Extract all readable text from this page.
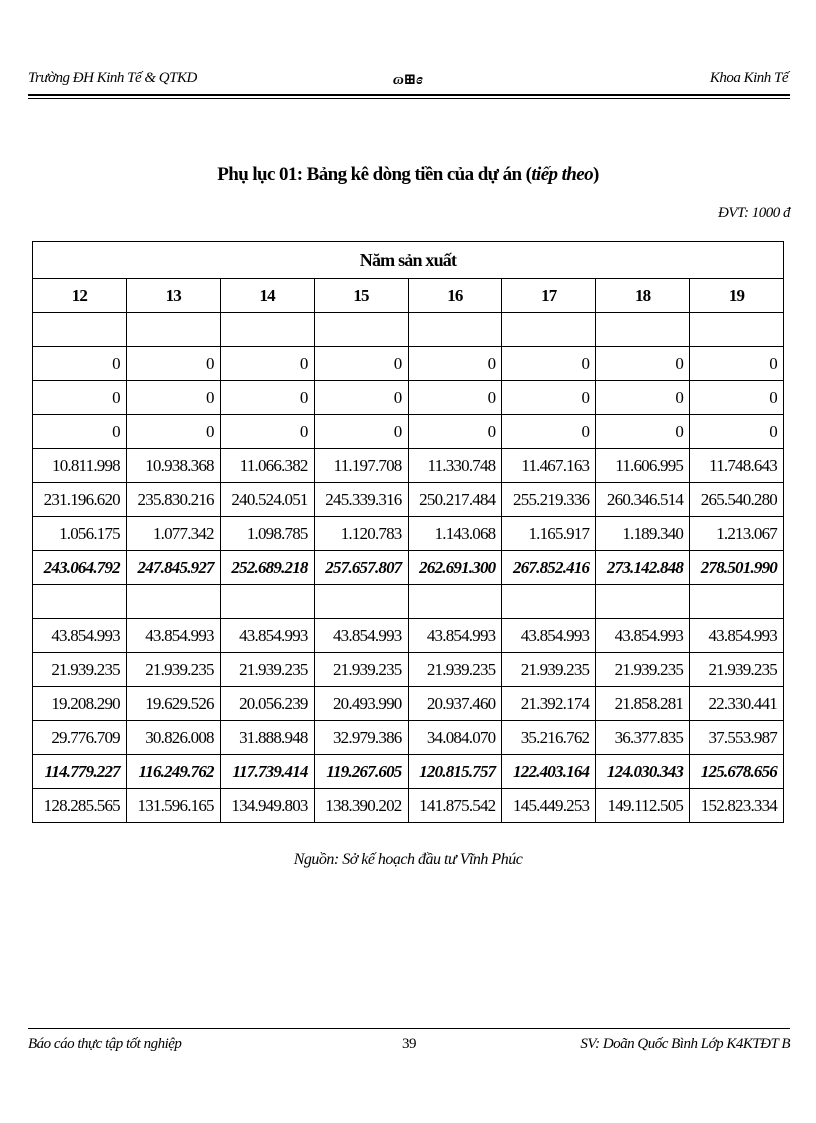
Trường ĐH Kinh Tế & QTKD	ɷ⊞ɞ	Khoa Kinh Tế
Phụ lục 01: Bảng kê dòng tiền của dự án (tiếp theo)
ĐVT: 1000 đ
Năm sản xuất							
12	13	14	15	16	17	18	19

0	0	0	0	0	0	0	0
0	0	0	0	0	0	0	0
0	0	0	0	0	0	0	0
10.811.998	10.938.368	11.066.382	11.197.708	11.330.748	11.467.163	11.606.995	11.748.643
231.196.620	235.830.216	240.524.051	245.339.316	250.217.484	255.219.336	260.346.514	265.540.280
1.056.175	1.077.342	1.098.785	1.120.783	1.143.068	1.165.917	1.189.340	1.213.067
243.064.792	247.845.927	252.689.218	257.657.807	262.691.300	267.852.416	273.142.848	278.501.990

43.854.993	43.854.993	43.854.993	43.854.993	43.854.993	43.854.993	43.854.993	43.854.993
21.939.235	21.939.235	21.939.235	21.939.235	21.939.235	21.939.235	21.939.235	21.939.235
19.208.290	19.629.526	20.056.239	20.493.990	20.937.460	21.392.174	21.858.281	22.330.441
29.776.709	30.826.008	31.888.948	32.979.386	34.084.070	35.216.762	36.377.835	37.553.987
114.779.227	116.249.762	117.739.414	119.267.605	120.815.757	122.403.164	124.030.343	125.678.656
128.285.565	131.596.165	134.949.803	138.390.202	141.875.542	145.449.253	149.112.505	152.823.334
Nguồn: Sở kế hoạch đầu tư Vĩnh Phúc
Báo cáo thực tập tốt nghiệp	39	SV: Doãn Quốc Bình Lớp K4KTĐT B
